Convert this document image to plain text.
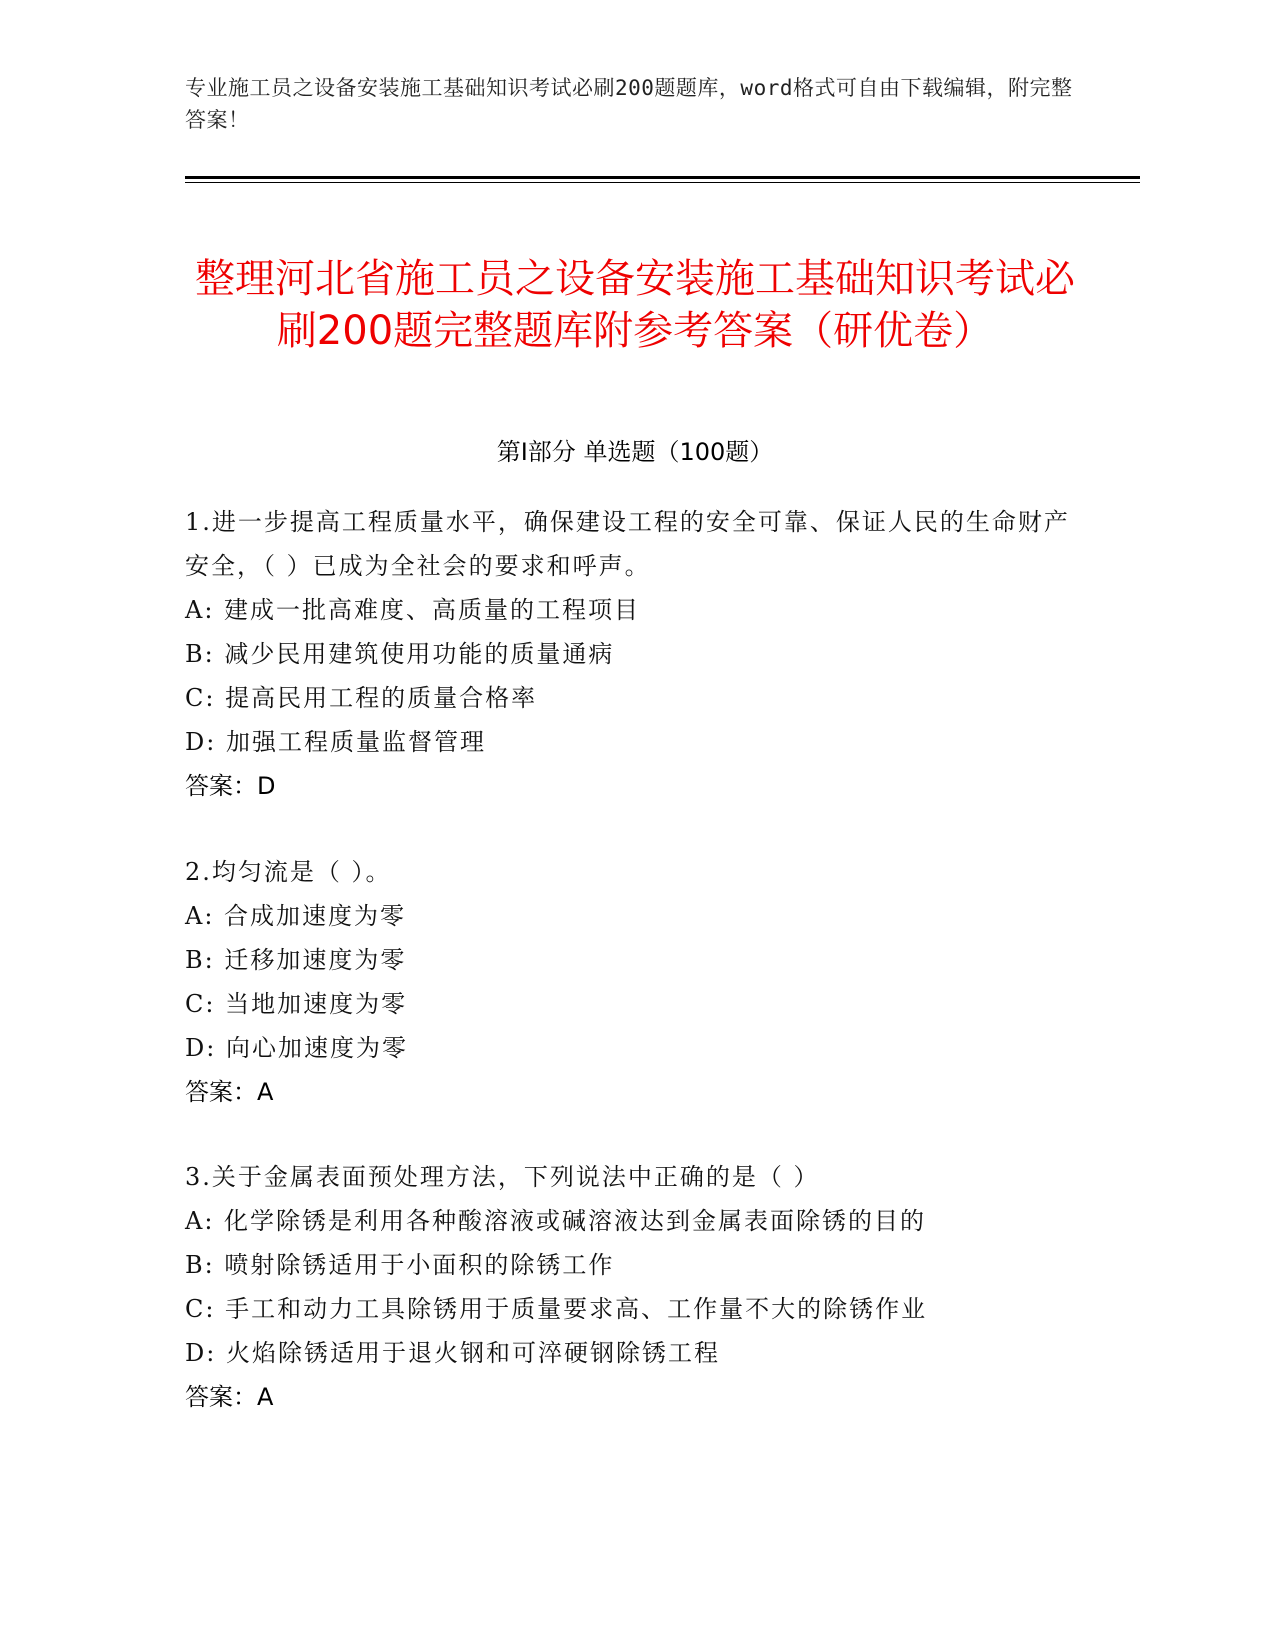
专业施工员之设备安装施工基础知识考试必刷200题题库，word格式可自由下载编辑，附完整答案！
整理河北省施工员之设备安装施工基础知识考试必刷200题完整题库附参考答案（研优卷）
第I部分 单选题（100题）
1.进一步提高工程质量水平，确保建设工程的安全可靠、保证人民的生命财产安全，（ ）已成为全社会的要求和呼声。
A: 建成一批高难度、高质量的工程项目
B: 减少民用建筑使用功能的质量通病
C: 提高民用工程的质量合格率
D: 加强工程质量监督管理
答案：D
2.均匀流是（ ）。
A: 合成加速度为零
B: 迁移加速度为零
C: 当地加速度为零
D: 向心加速度为零
答案：A
3.关于金属表面预处理方法，下列说法中正确的是（ ）
A: 化学除锈是利用各种酸溶液或碱溶液达到金属表面除锈的目的
B: 喷射除锈适用于小面积的除锈工作
C: 手工和动力工具除锈用于质量要求高、工作量不大的除锈作业
D: 火焰除锈适用于退火钢和可淬硬钢除锈工程
答案：A
